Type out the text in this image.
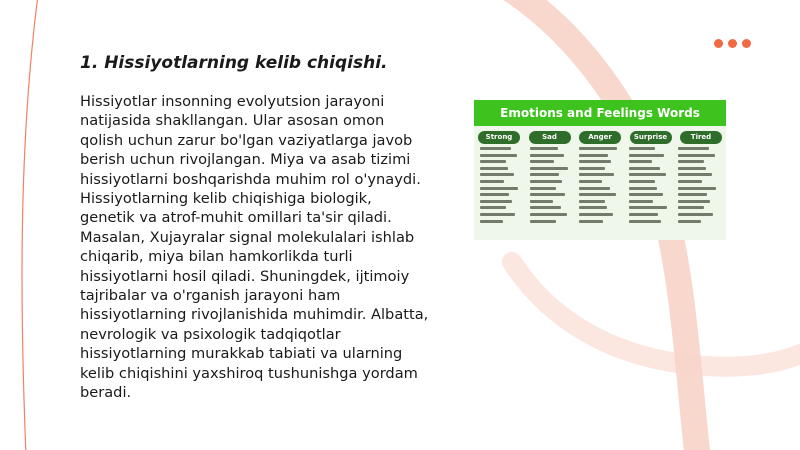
1. Hissiyotlarning kelib chiqishi.

Hissiyotlar insonning evolyutsion jarayoni natijasida shakllangan. Ular asosan omon qolish uchun zarur bo'lgan vaziyatlarga javob berish uchun rivojlangan. Miya va asab tizimi hissiyotlarni boshqarishda muhim rol o'ynaydi. Hissiyotlarning kelib chiqishiga biologik, genetik va atrof-muhit omillari ta'sir qiladi. Masalan, Xujayralar signal molekulalari ishlab chiqarib, miya bilan hamkorlikda turli hissiyotlarni hosil qiladi. Shuningdek, ijtimoiy tajribalar va o'rganish jarayoni ham hissiyotlarning rivojlanishida muhimdir. Albatta, nevrologik va psixologik tadqiqotlar hissiyotlarning murakkab tabiati va ularning kelib chiqishini yaxshiroq tushunishga yordam beradi.

Emotions and Feelings Words
Strong	Sad	Anger	Surprise	Tired
